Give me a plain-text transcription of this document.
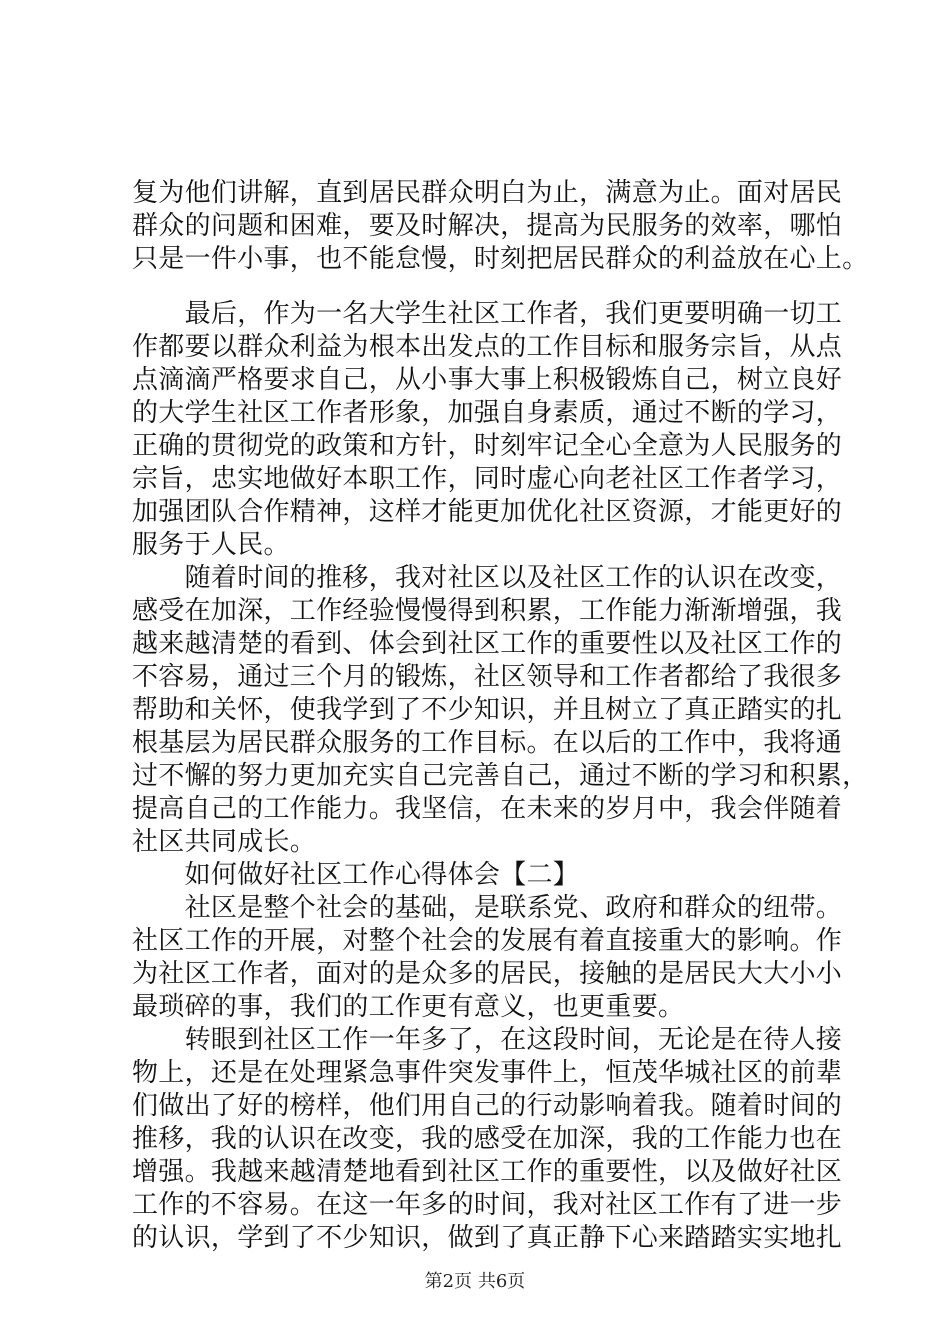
复为他们讲解，直到居民群众明白为止，满意为止。面对居民
群众的问题和困难，要及时解决，提高为民服务的效率，哪怕
只是一件小事，也不能怠慢，时刻把居民群众的利益放在心上。
　　最后，作为一名大学生社区工作者，我们更要明确一切工
作都要以群众利益为根本出发点的工作目标和服务宗旨，从点
点滴滴严格要求自己，从小事大事上积极锻炼自己，树立良好
的大学生社区工作者形象，加强自身素质，通过不断的学习，
正确的贯彻党的政策和方针，时刻牢记全心全意为人民服务的
宗旨，忠实地做好本职工作，同时虚心向老社区工作者学习，
加强团队合作精神，这样才能更加优化社区资源，才能更好的
服务于人民。
　　随着时间的推移，我对社区以及社区工作的认识在改变，
感受在加深，工作经验慢慢得到积累，工作能力渐渐增强，我
越来越清楚的看到、体会到社区工作的重要性以及社区工作的
不容易，通过三个月的锻炼，社区领导和工作者都给了我很多
帮助和关怀，使我学到了不少知识，并且树立了真正踏实的扎
根基层为居民群众服务的工作目标。在以后的工作中，我将通
过不懈的努力更加充实自己完善自己，通过不断的学习和积累，
提高自己的工作能力。我坚信，在未来的岁月中，我会伴随着
社区共同成长。
　　如何做好社区工作心得体会【二】
　　社区是整个社会的基础，是联系党、政府和群众的纽带。
社区工作的开展，对整个社会的发展有着直接重大的影响。作
为社区工作者，面对的是众多的居民，接触的是居民大大小小
最琐碎的事，我们的工作更有意义，也更重要。
　　转眼到社区工作一年多了，在这段时间，无论是在待人接
物上，还是在处理紧急事件突发事件上，恒茂华城社区的前辈
们做出了好的榜样，他们用自己的行动影响着我。随着时间的
推移，我的认识在改变，我的感受在加深，我的工作能力也在
增强。我越来越清楚地看到社区工作的重要性，以及做好社区
工作的不容易。在这一年多的时间，我对社区工作有了进一步
的认识，学到了不少知识，做到了真正静下心来踏踏实实地扎
第2页 共6页
